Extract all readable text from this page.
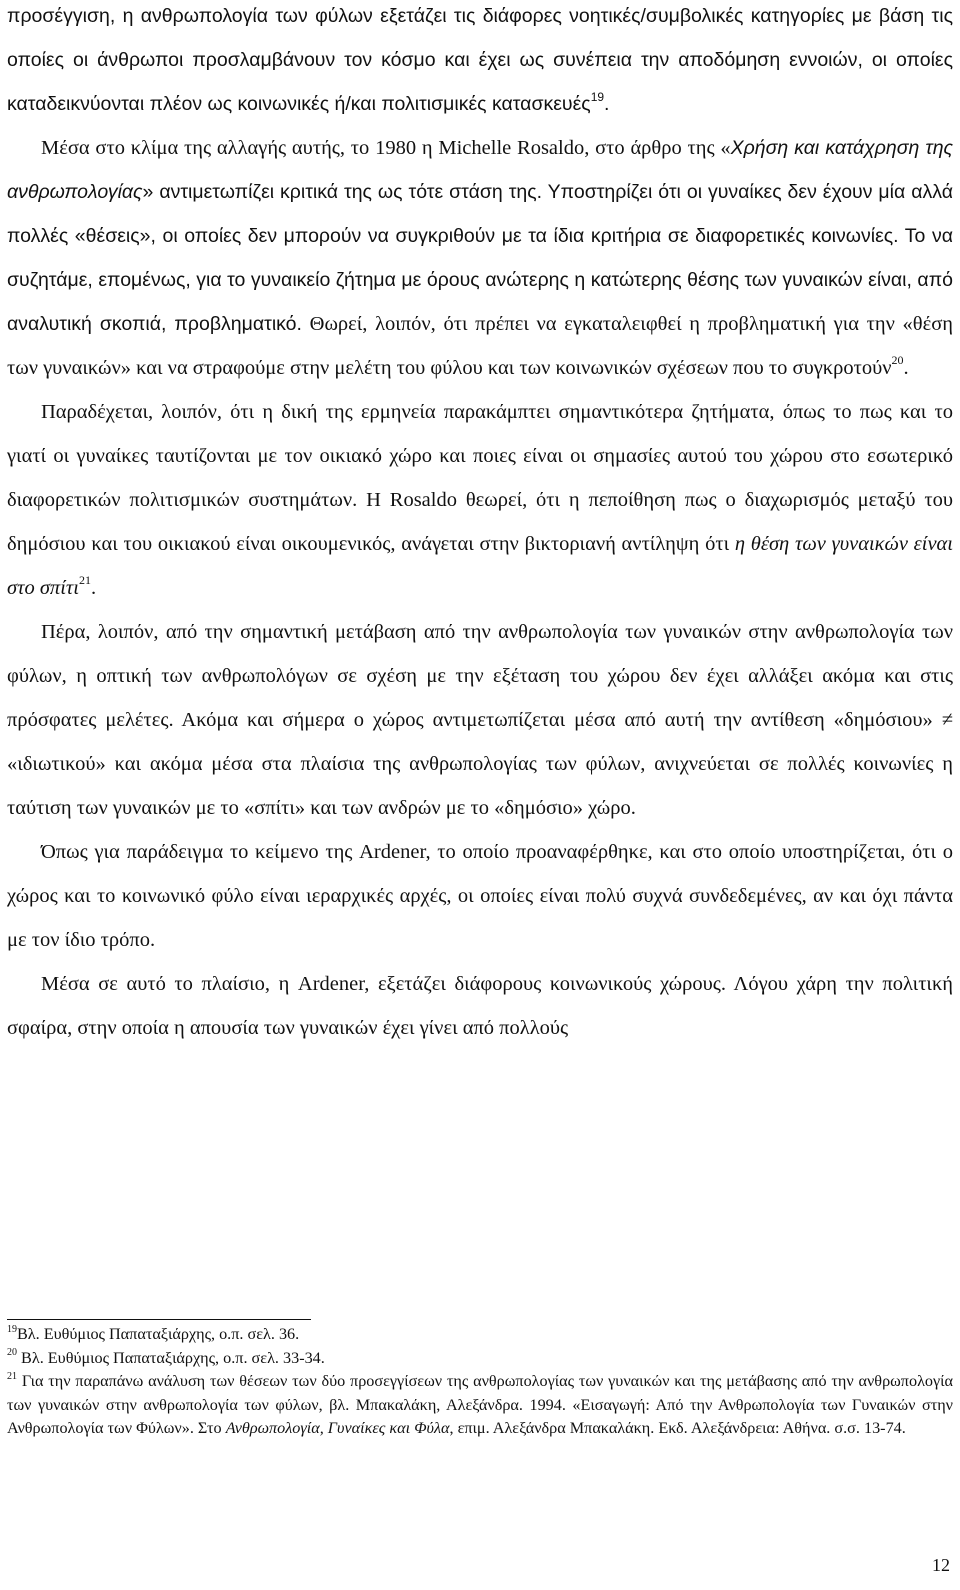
προσέγγιση, η ανθρωπολογία των φύλων εξετάζει τις διάφορες νοητικές/συμβολικές κατηγορίες με βάση τις οποίες οι άνθρωποι προσλαμβάνουν τον κόσμο και έχει ως συνέπεια την αποδόμηση εννοιών, οι οποίες καταδεικνύονται πλέον ως κοινωνικές ή/και πολιτισμικές κατασκευές$^{19}$.

Μέσα στο κλίμα της αλλαγής αυτής, το 1980 η Michelle Rosaldo, στο άρθρο της «Χρήση και κατάχρηση της ανθρωπολογίας» αντιμετωπίζει κριτικά της ως τότε στάση της. Υποστηρίζει ότι οι γυναίκες δεν έχουν μία αλλά πολλές «θέσεις», οι οποίες δεν μπορούν να συγκριθούν με τα ίδια κριτήρια σε διαφορετικές κοινωνίες. Το να συζητάμε, επομένως, για το γυναικείο ζήτημα με όρους ανώτερης η κατώτερης θέσης των γυναικών είναι, από αναλυτική σκοπιά, προβληματικό. Θωρεί, λοιπόν, ότι πρέπει να εγκαταλειφθεί η προβληματική για την «θέση των γυναικών» και να στραφούμε στην μελέτη του φύλου και των κοινωνικών σχέσεων που το συγκροτούν$^{20}$.

Παραδέχεται, λοιπόν, ότι η δική της ερμηνεία παρακάμπτει σημαντικότερα ζητήματα, όπως το πως και το γιατί οι γυναίκες ταυτίζονται με τον οικιακό χώρο και ποιες είναι οι σημασίες αυτού του χώρου στο εσωτερικό διαφορετικών πολιτισμικών συστημάτων. Η Rosaldo θεωρεί, ότι η πεποίθηση πως ο διαχωρισμός μεταξύ του δημόσιου και του οικιακού είναι οικουμενικός, ανάγεται στην βικτοριανή αντίληψη ότι η θέση των γυναικών είναι στο σπίτι$^{21}$.

Πέρα, λοιπόν, από την σημαντική μετάβαση από την ανθρωπολογία των γυναικών στην ανθρωπολογία των φύλων, η οπτική των ανθρωπολόγων σε σχέση με την εξέταση του χώρου δεν έχει αλλάξει ακόμα και στις πρόσφατες μελέτες. Ακόμα και σήμερα ο χώρος αντιμετωπίζεται μέσα από αυτή την αντίθεση «δημόσιου» ≠ «ιδιωτικού» και ακόμα μέσα στα πλαίσια της ανθρωπολογίας των φύλων, ανιχνεύεται σε πολλές κοινωνίες η ταύτιση των γυναικών με το «σπίτι» και των ανδρών με το «δημόσιο» χώρο.

Όπως για παράδειγμα το κείμενο της Ardener, το οποίο προαναφέρθηκε, και στο οποίο υποστηρίζεται, ότι ο χώρος και το κοινωνικό φύλο είναι ιεραρχικές αρχές, οι οποίες είναι πολύ συχνά συνδεδεμένες, αν και όχι πάντα με τον ίδιο τρόπο.

Μέσα σε αυτό το πλαίσιο, η Ardener, εξετάζει διάφορους κοινωνικούς χώρους. Λόγου χάρη την πολιτική σφαίρα, στην οποία η απουσία των γυναικών έχει γίνει από πολλούς

$^{19}$Βλ. Ευθύμιος Παπαταξιάρχης, ο.π. σελ. 36.

$^{20}$ Βλ. Ευθύμιος Παπαταξιάρχης, ο.π. σελ. 33-34.

$^{21}$ Για την παραπάνω ανάλυση των θέσεων των δύο προσεγγίσεων της ανθρωπολογίας των γυναικών και της μετάβασης από την ανθρωπολογία των γυναικών στην ανθρωπολογία των φύλων, βλ. Μπακαλάκη, Αλεξάνδρα. 1994. «Εισαγωγή: Από την Ανθρωπολογία των Γυναικών στην Ανθρωπολογία των Φύλων». Στο Ανθρωπολογία, Γυναίκες και Φύλα, επιμ. Αλεξάνδρα Μπακαλάκη. Εκδ. Αλεξάνδρεια: Αθήνα. σ.σ. 13-74.

12
